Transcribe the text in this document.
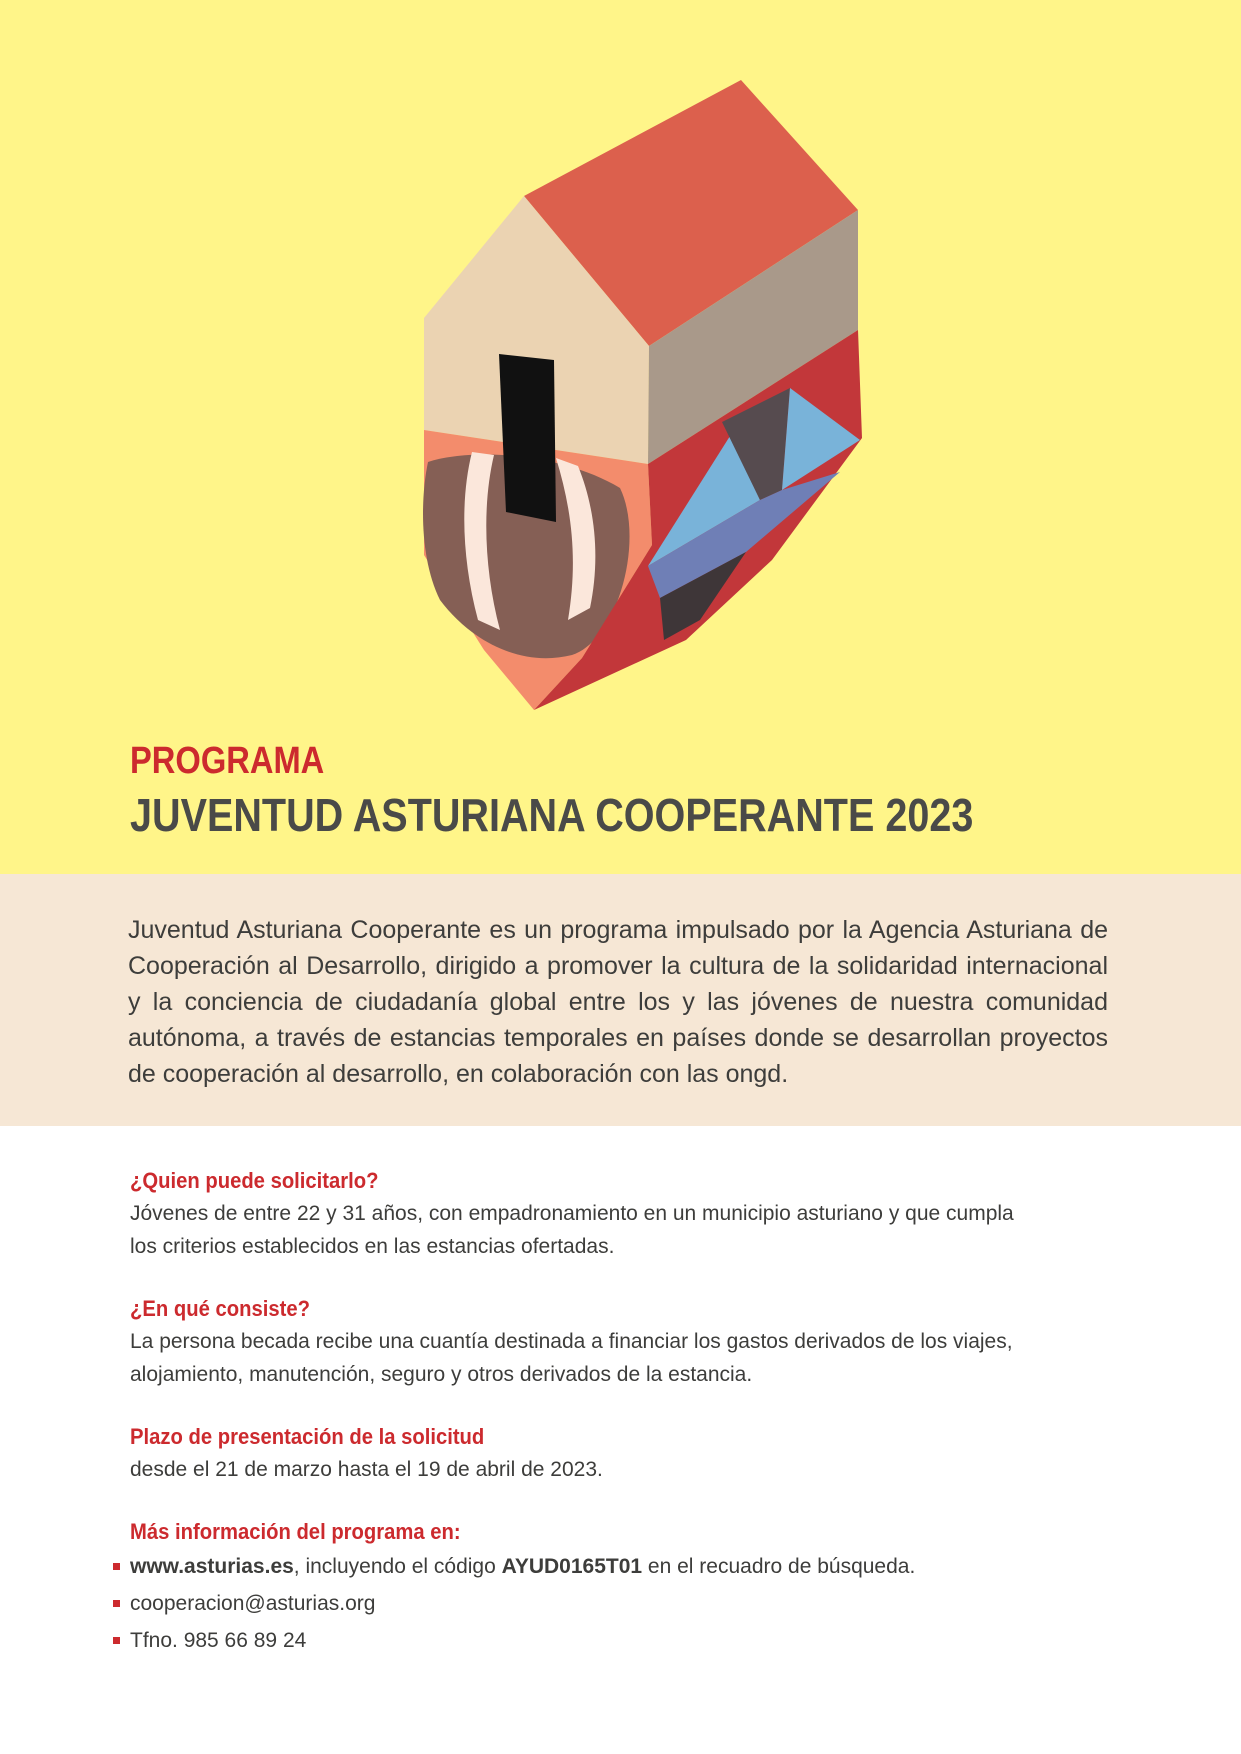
PROGRAMA
JUVENTUD ASTURIANA COOPERANTE 2023
Juventud Asturiana Cooperante es un programa impulsado por la Agencia Asturiana de Cooperación al Desarrollo, dirigido a promover la cultura de la solidaridad internacional y la conciencia de ciudadanía global entre los y las jóvenes de nuestra comunidad autónoma, a través de estancias temporales en países donde se desarrollan proyectos de cooperación al desarrollo, en colaboración con las ongd.
¿Quien puede solicitarlo?

Jóvenes de entre 22 y 31 años, con empadronamiento en un municipio asturiano y que cumpla

los criterios establecidos en las estancias ofertadas.

¿En qué consiste?

La persona becada recibe una cuantía destinada a financiar los gastos derivados de los viajes,

alojamiento, manutención, seguro y otros derivados de la estancia.

Plazo de presentación de la solicitud

desde el 21 de marzo hasta el 19 de abril de 2023.

Más información del programa en:
www.asturias.es, incluyendo el código AYUD0165T01 en el recuadro de búsqueda.
cooperacion@asturias.org
Tfno. 985 66 89 24
